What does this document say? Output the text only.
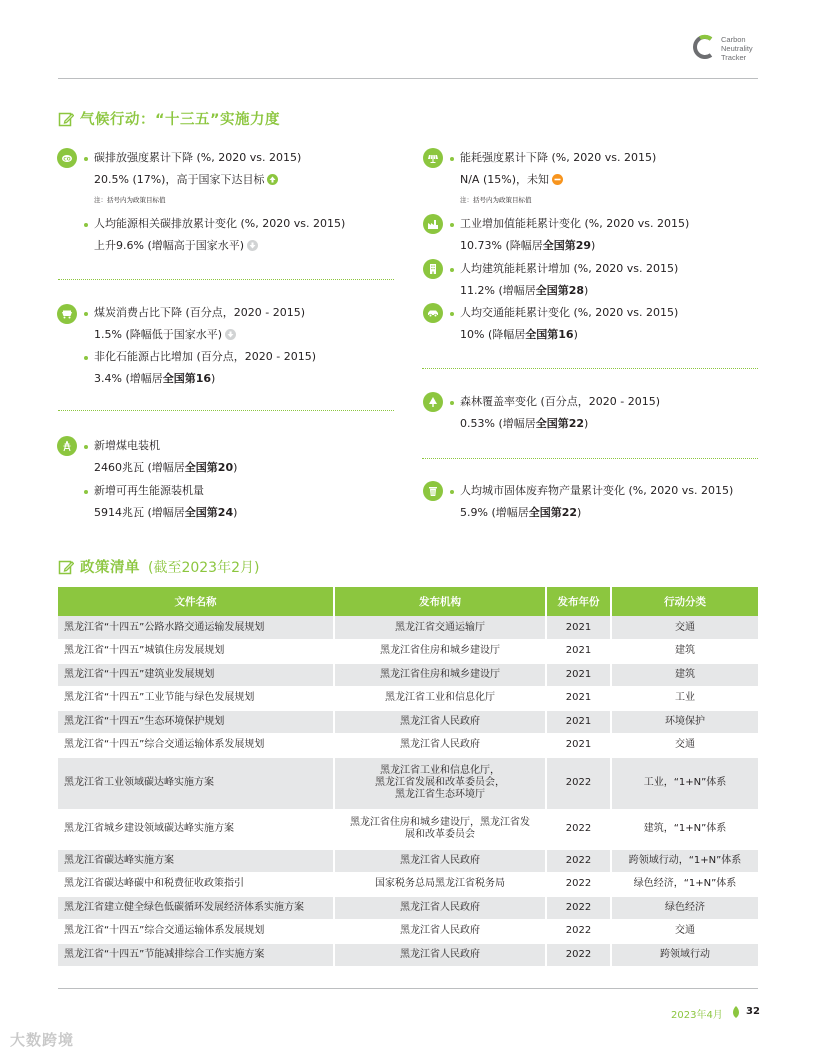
Carbon
Neutrality
Tracker
气候行动：“十三五”实施力度
CO 碳排放强度累计下降 (%, 2020 vs. 2015)
20.5% (17%)，高于国家下达目标
注：括号内为政策目标值
人均能源相关碳排放累计变化 (%, 2020 vs. 2015)
上升9.6% (增幅高于国家水平)
煤炭消费占比下降 (百分点，2020 - 2015)
1.5% (降幅低于国家水平)
非化石能源占比增加 (百分点，2020 - 2015)
3.4% (增幅居全国第16)
新增煤电装机
2460兆瓦 (增幅居全国第20)
新增可再生能源装机量
5914兆瓦 (增幅居全国第24)
能耗强度累计下降 (%, 2020 vs. 2015)
N/A (15%)，未知
注：括号内为政策目标值
工业增加值能耗累计变化 (%, 2020 vs. 2015)
10.73% (降幅居全国第29)
人均建筑能耗累计增加 (%, 2020 vs. 2015)
11.2% (增幅居全国第28)
人均交通能耗累计变化 (%, 2020 vs. 2015)
10% (降幅居全国第16)
森林覆盖率变化 (百分点，2020 - 2015)
0.53% (增幅居全国第22)
人均城市固体废弃物产量累计变化 (%, 2020 vs. 2015)
5.9% (增幅居全国第22)
政策清单 (截至2023年2月)
文件名称	发布机构	发布年份	行动分类
黑龙江省“十四五”公路水路交通运输发展规划	黑龙江省交通运输厅	2021	交通
黑龙江省“十四五”城镇住房发展规划	黑龙江省住房和城乡建设厅	2021	建筑
黑龙江省“十四五”建筑业发展规划	黑龙江省住房和城乡建设厅	2021	建筑
黑龙江省“十四五”工业节能与绿色发展规划	黑龙江省工业和信息化厅	2021	工业
黑龙江省“十四五”生态环境保护规划	黑龙江省人民政府	2021	环境保护
黑龙江省“十四五”综合交通运输体系发展规划	黑龙江省人民政府	2021	交通
黑龙江省工业领域碳达峰实施方案	黑龙江省工业和信息化厅，
黑龙江省发展和改革委员会，
黑龙江省生态环境厅	2022	工业，“1+N”体系
黑龙江省城乡建设领域碳达峰实施方案	黑龙江省住房和城乡建设厅，黑龙江省发
展和改革委员会	2022	建筑，“1+N”体系
黑龙江省碳达峰实施方案	黑龙江省人民政府	2022	跨领域行动，“1+N”体系
黑龙江省碳达峰碳中和税费征收政策指引	国家税务总局黑龙江省税务局	2022	绿色经济，“1+N”体系
黑龙江省建立健全绿色低碳循环发展经济体系实施方案	黑龙江省人民政府	2022	绿色经济
黑龙江省“十四五”综合交通运输体系发展规划	黑龙江省人民政府	2022	交通
黑龙江省“十四五”节能减排综合工作实施方案	黑龙江省人民政府	2022	跨领域行动
2023年4月 32
大数跨境
